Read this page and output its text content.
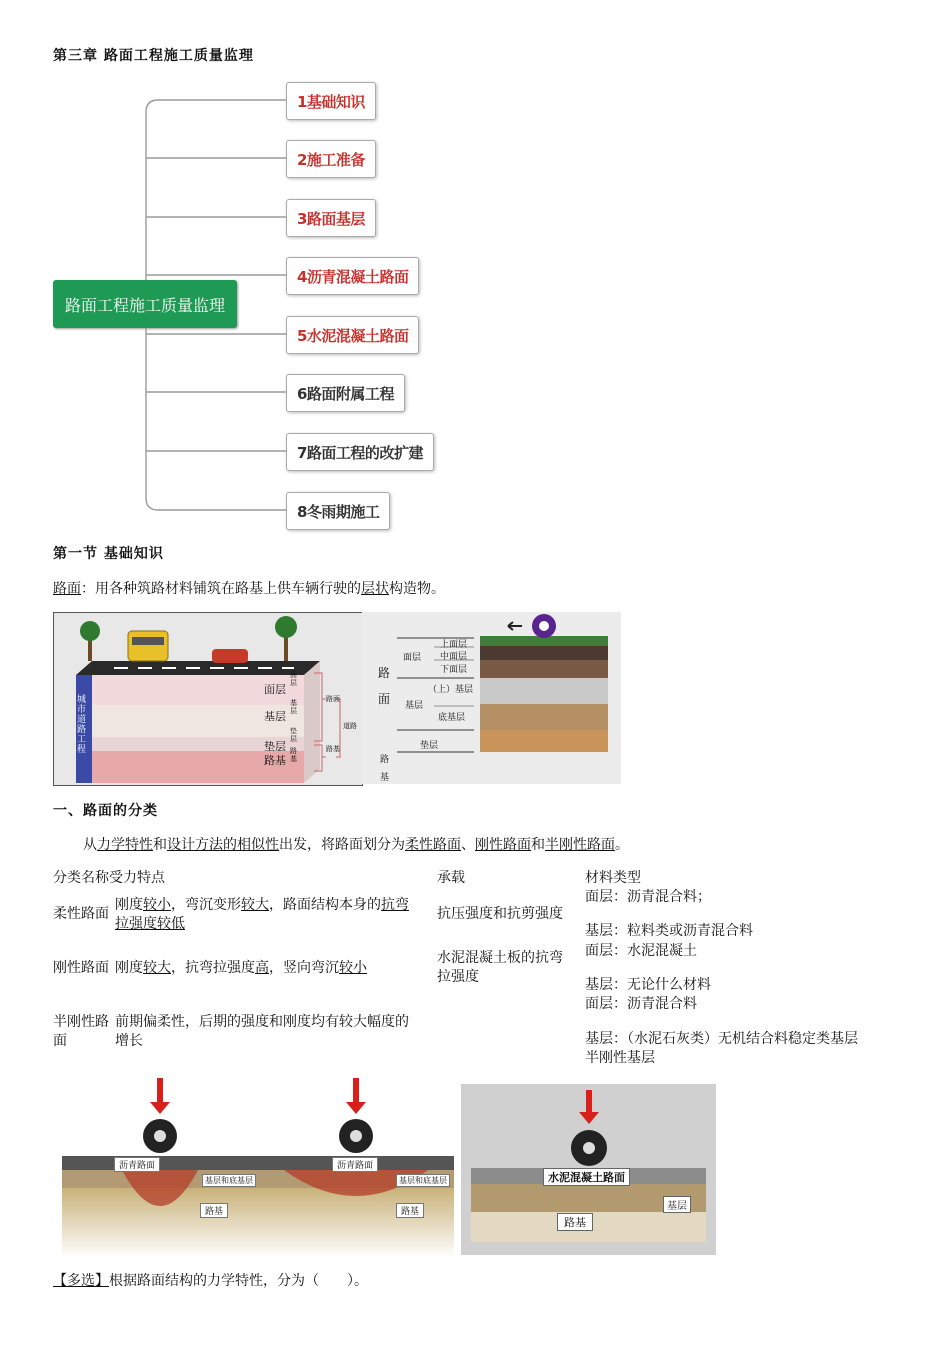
第三章 路面工程施工质量监理
路面工程施工质量监理
1基础知识
2施工准备
3路面基层
4沥青混凝土路面
5水泥混凝土路面
6路面附属工程
7路面工程的改扩建
8冬雨期施工
第一节 基础知识
路面：用各种筑路材料铺筑在路基上供车辆行驶的层状构造物。
城市道路工程
面层
基层
垫层
路基
面层
基层
垫层
路基
路面
道路
路基
路
面
路
基
面层
上面层
中面层
下面层
基层
（上）基层
底基层
垫层
一、路面的分类
从力学特性和设计方法的相似性出发，将路面划分为柔性路面、刚性路面和半刚性路面。
分类名称受力特点	承载	材料类型
柔性路面
刚度较小，弯沉变形较大，路面结构本身的抗弯
拉强度较低
抗压强度和抗剪强度
面层：沥青混合料；
基层：粒料类或沥青混合料
刚性路面 刚度较大，抗弯拉强度高，竖向弯沉较小
水泥混凝土板的抗弯
拉强度
面层：水泥混凝土
基层：无论什么材料
半刚性路
面
前期偏柔性，后期的强度和刚度均有较大幅度的
增长
面层：沥青混合料
基层：（水泥石灰类）无机结合料稳定类基层
半刚性基层
沥青路面
基层和底基层
路基
沥青路面
基层和底基层
路基
水泥混凝土路面
基层
路基
【多选】根据路面结构的力学特性，分为（　　）。
